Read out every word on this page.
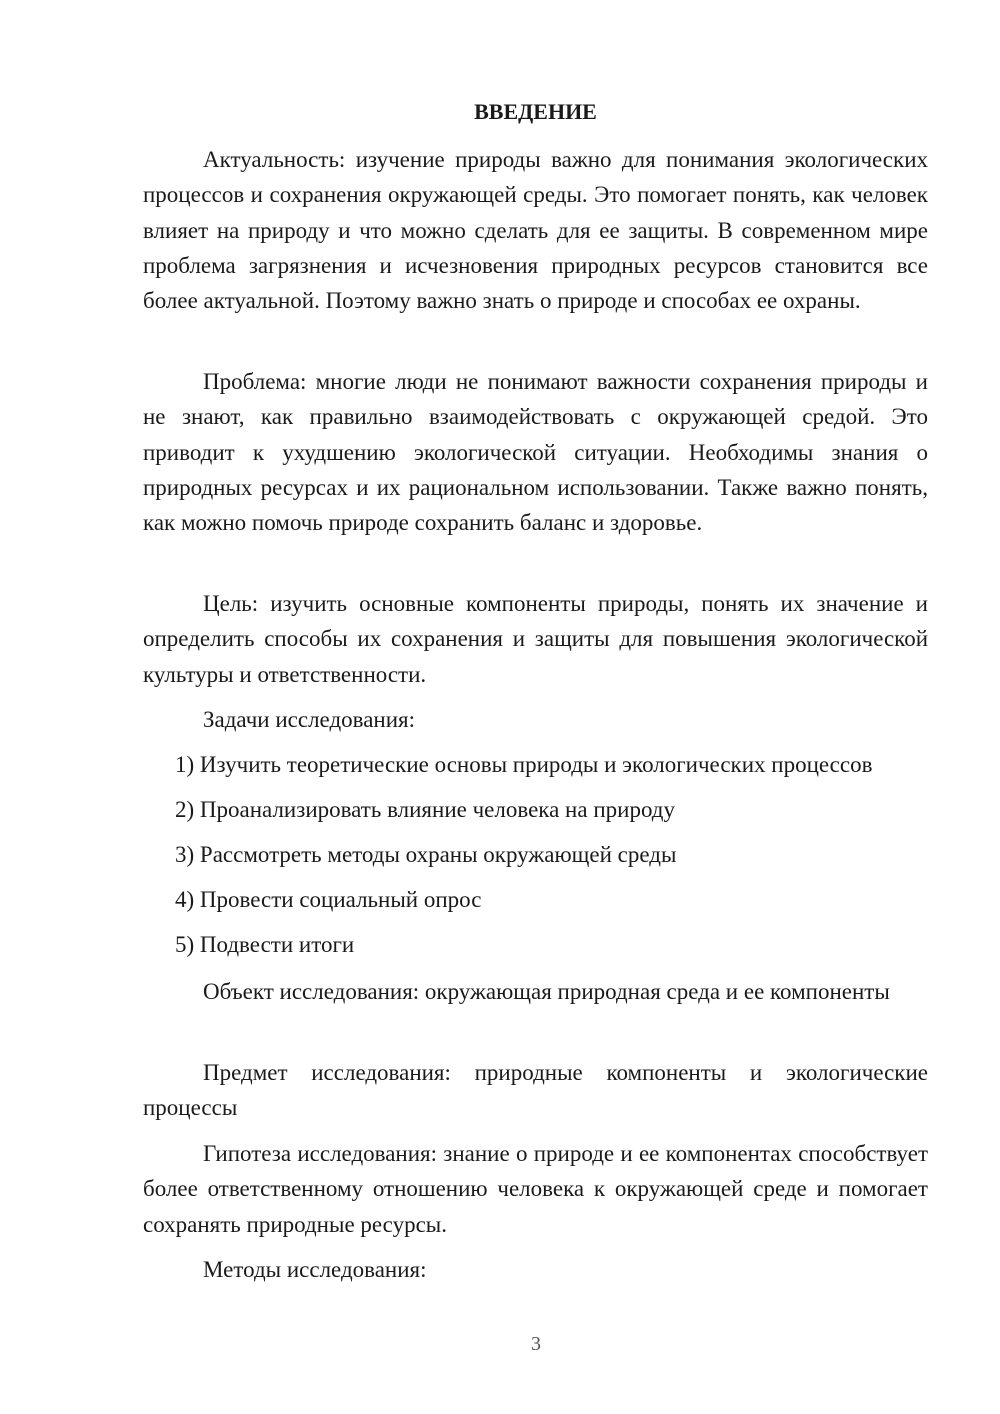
ВВЕДЕНИЕ

Актуальность: изучение природы важно для понимания экологических процессов и сохранения окружающей среды. Это помогает понять, как человек влияет на природу и что можно сделать для ее защиты. В современном мире проблема загрязнения и исчезновения природных ресурсов становится все более актуальной. Поэтому важно знать о природе и способах ее охраны.

Проблема: многие люди не понимают важности сохранения природы и не знают, как правильно взаимодействовать с окружающей средой. Это приводит к ухудшению экологической ситуации. Необходимы знания о природных ресурсах и их рациональном использовании. Также важно понять, как можно помочь природе сохранить баланс и здоровье.

Цель: изучить основные компоненты природы, понять их значение и определить способы их сохранения и защиты для повышения экологической культуры и ответственности.

Задачи исследования:

1) Изучить теоретические основы природы и экологических процессов

2) Проанализировать влияние человека на природу

3) Рассмотреть методы охраны окружающей среды

4) Провести социальный опрос

5) Подвести итоги

Объект исследования: окружающая природная среда и ее компоненты

Предмет исследования: природные компоненты и экологические процессы

Гипотеза исследования: знание о природе и ее компонентах способствует более ответственному отношению человека к окружающей среде и помогает сохранять природные ресурсы.

Методы исследования:

3
